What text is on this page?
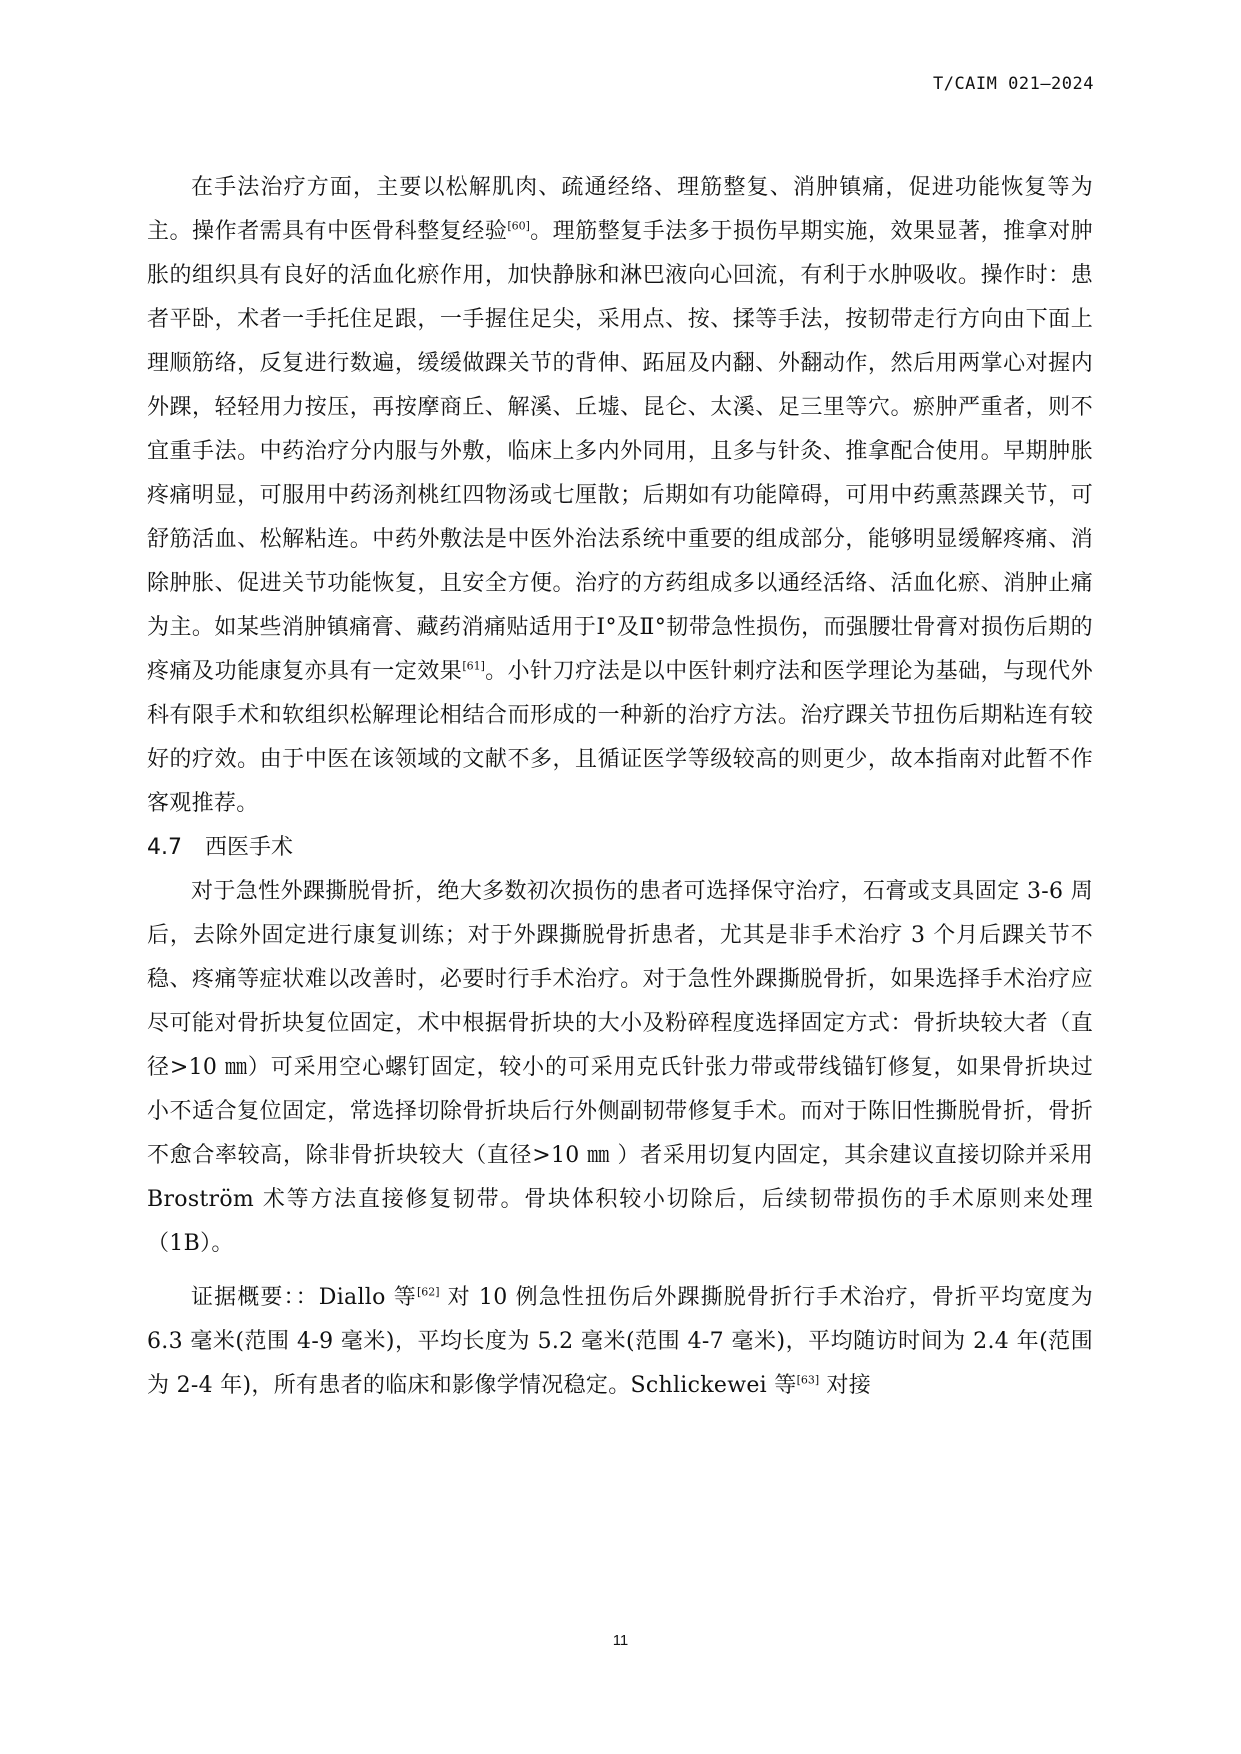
T/CAIM 021—2024

在手法治疗方面，主要以松解肌肉、疏通经络、理筋整复、消肿镇痛，促进功能恢复等为主。操作者需具有中医骨科整复经验[60]。理筋整复手法多于损伤早期实施，效果显著，推拿对肿胀的组织具有良好的活血化瘀作用，加快静脉和淋巴液向心回流，有利于水肿吸收。操作时：患者平卧，术者一手托住足跟，一手握住足尖，采用点、按、揉等手法，按韧带走行方向由下面上理顺筋络，反复进行数遍，缓缓做踝关节的背伸、跖屈及内翻、外翻动作，然后用两掌心对握内外踝，轻轻用力按压，再按摩商丘、解溪、丘墟、昆仑、太溪、足三里等穴。瘀肿严重者，则不宜重手法。中药治疗分内服与外敷，临床上多内外同用，且多与针灸、推拿配合使用。早期肿胀疼痛明显，可服用中药汤剂桃红四物汤或七厘散；后期如有功能障碍，可用中药熏蒸踝关节，可舒筋活血、松解粘连。中药外敷法是中医外治法系统中重要的组成部分，能够明显缓解疼痛、消除肿胀、促进关节功能恢复，且安全方便。治疗的方药组成多以通经活络、活血化瘀、消肿止痛为主。如某些消肿镇痛膏、藏药消痛贴适用于Ⅰ°及Ⅱ°韧带急性损伤，而强腰壮骨膏对损伤后期的疼痛及功能康复亦具有一定效果[61]。小针刀疗法是以中医针刺疗法和医学理论为基础，与现代外科有限手术和软组织松解理论相结合而形成的一种新的治疗方法。治疗踝关节扭伤后期粘连有较好的疗效。由于中医在该领域的文献不多，且循证医学等级较高的则更少，故本指南对此暂不作客观推荐。

4.7 西医手术

对于急性外踝撕脱骨折，绝大多数初次损伤的患者可选择保守治疗，石膏或支具固定 3-6 周后，去除外固定进行康复训练；对于外踝撕脱骨折患者，尤其是非手术治疗 3 个月后踝关节不稳、疼痛等症状难以改善时，必要时行手术治疗。对于急性外踝撕脱骨折，如果选择手术治疗应尽可能对骨折块复位固定，术中根据骨折块的大小及粉碎程度选择固定方式：骨折块较大者（直径>10 ㎜）可采用空心螺钉固定，较小的可采用克氏针张力带或带线锚钉修复，如果骨折块过小不适合复位固定，常选择切除骨折块后行外侧副韧带修复手术。而对于陈旧性撕脱骨折，骨折不愈合率较高，除非骨折块较大（直径>10 ㎜ ）者采用切复内固定，其余建议直接切除并采用 Broström 术等方法直接修复韧带。骨块体积较小切除后，后续韧带损伤的手术原则来处理（1B）。

证据概要：：Diallo 等[62] 对 10 例急性扭伤后外踝撕脱骨折行手术治疗，骨折平均宽度为 6.3 毫米(范围 4-9 毫米)，平均长度为 5.2 毫米(范围 4-7 毫米)，平均随访时间为 2.4 年(范围为 2-4 年)，所有患者的临床和影像学情况稳定。Schlickewei 等[63] 对接

11
